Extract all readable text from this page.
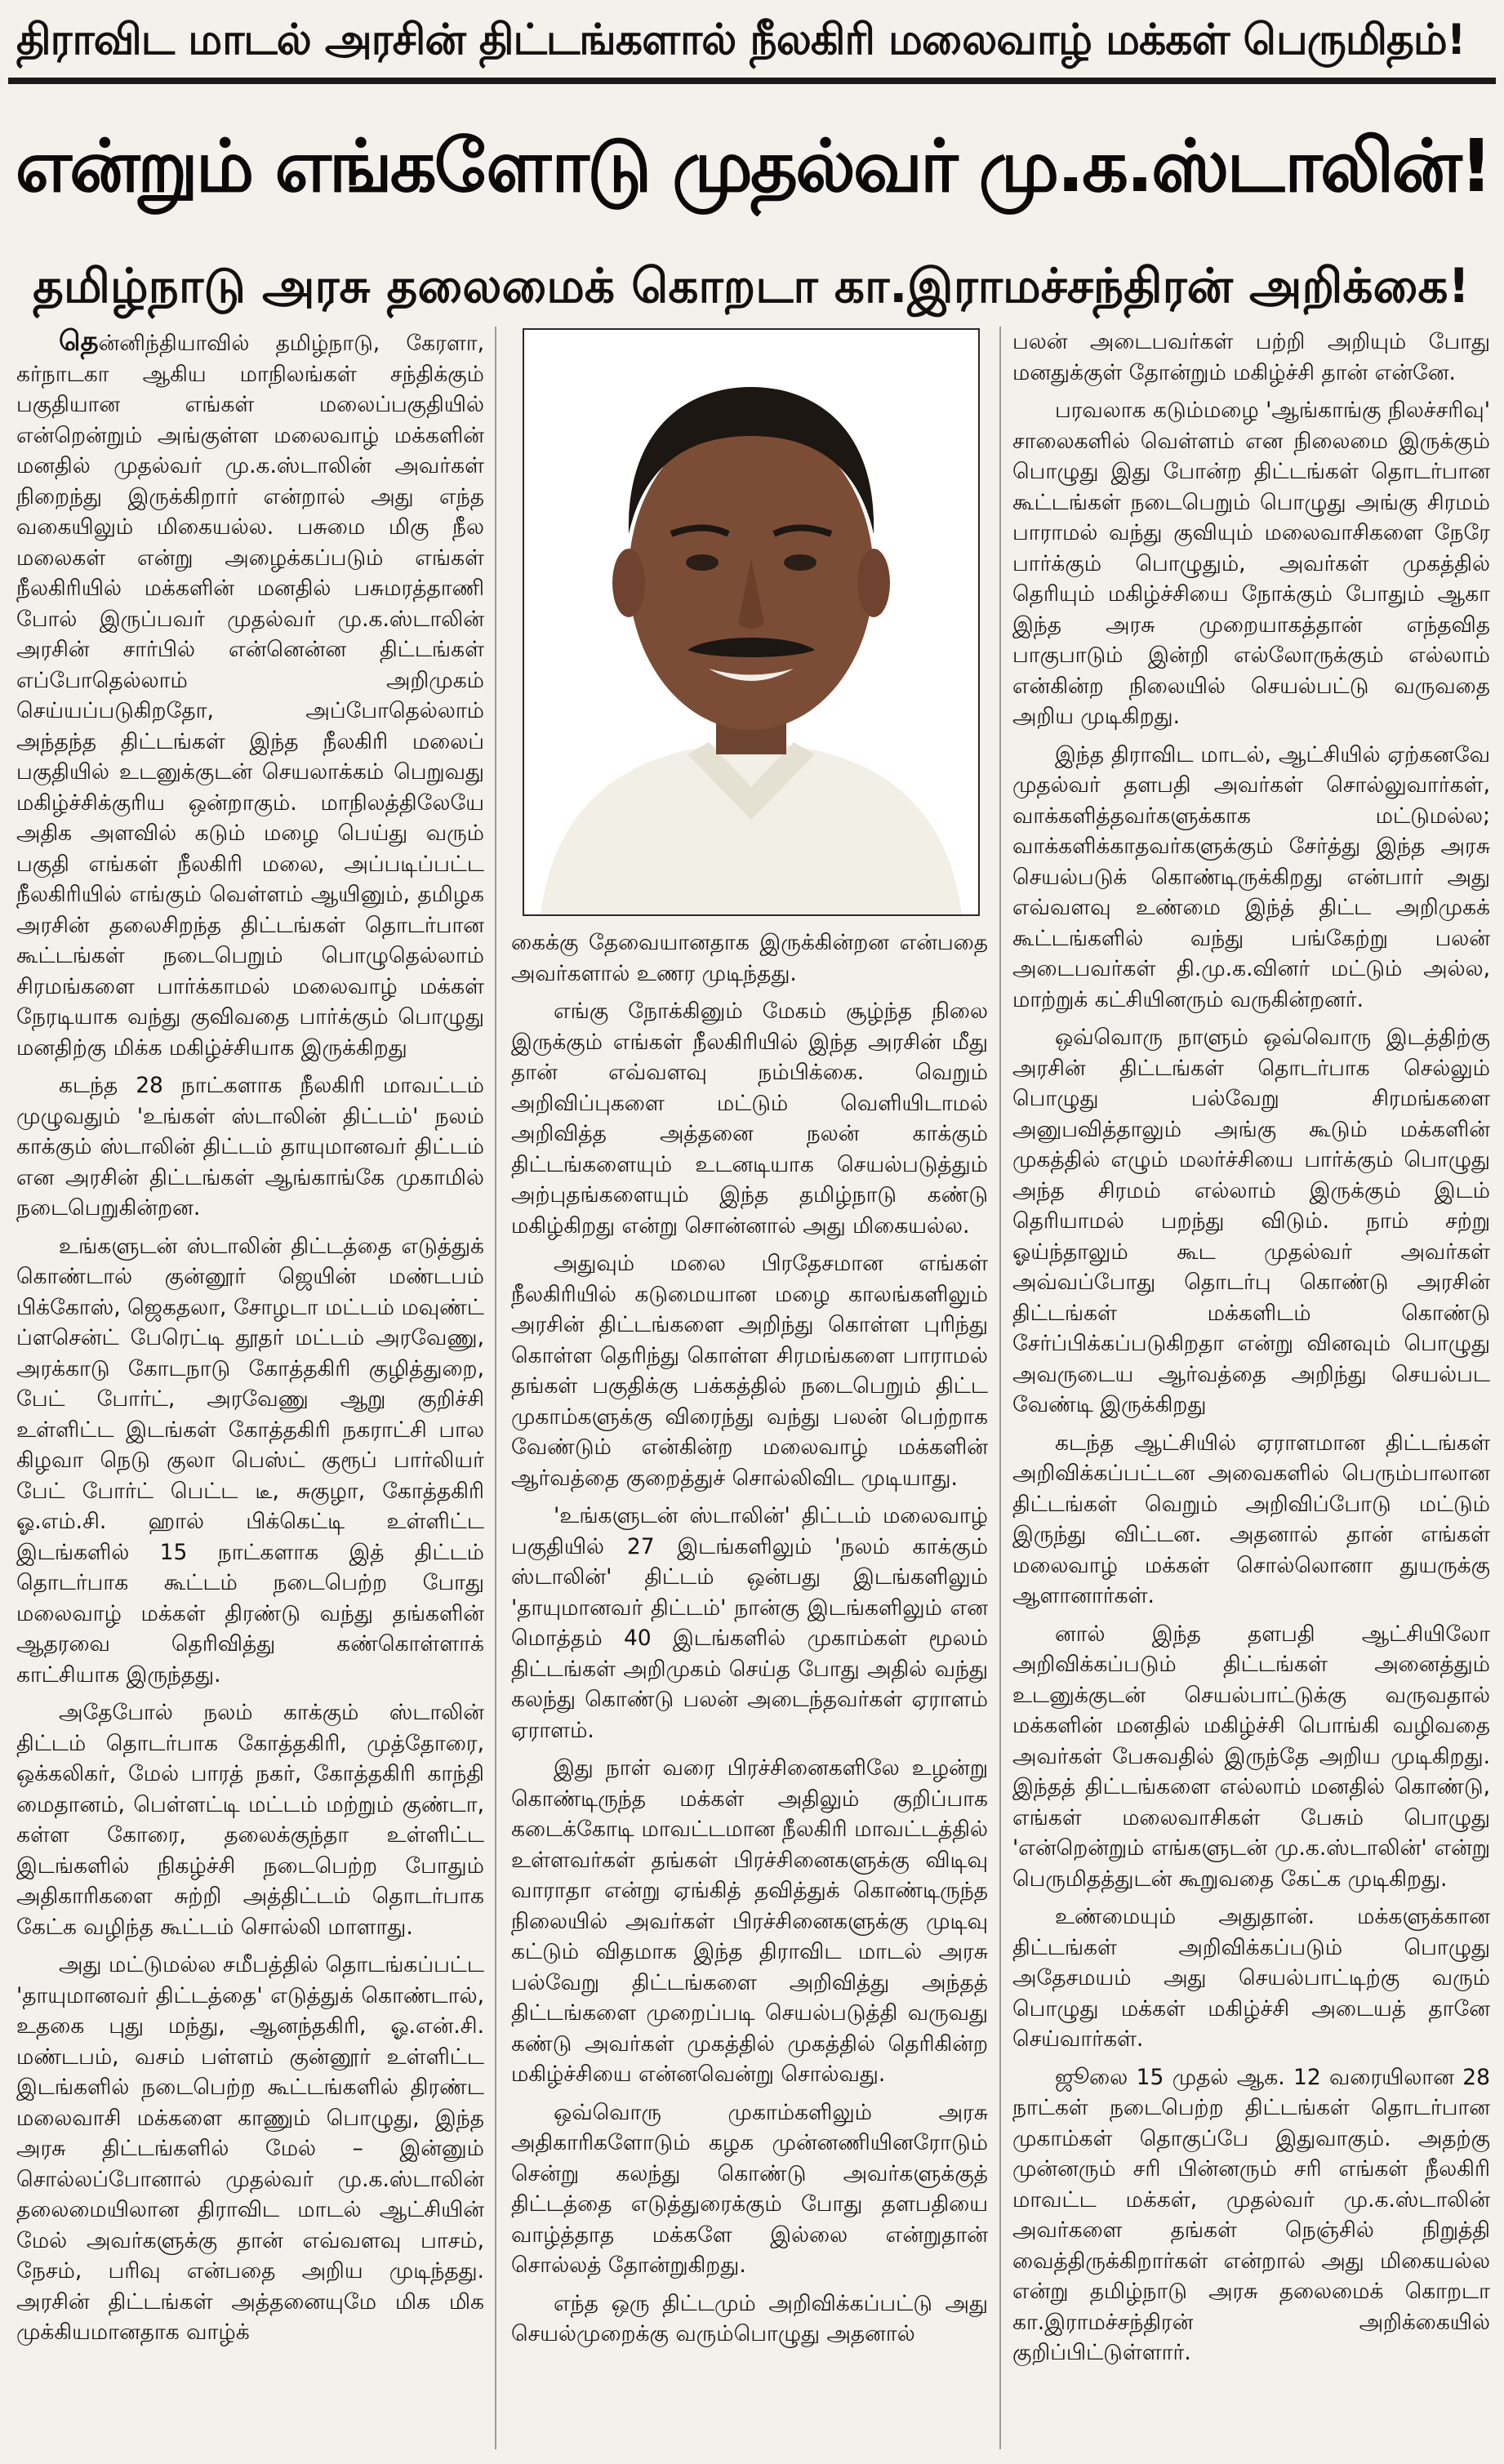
திராவிட மாடல் அரசின் திட்டங்களால் நீலகிரி மலைவாழ் மக்கள் பெருமிதம்!
என்றும் எங்களோடு முதல்வர் மு.க.ஸ்டாலின்!
தமிழ்நாடு அரசு தலைமைக் கொறடா கா.இராமச்சந்திரன் அறிக்கை!

தென்னிந்தியாவில் தமிழ்நாடு, கேரளா, கர்நாடகா ஆகிய மாநிலங்கள் சந்திக்கும் பகுதியான எங்கள் மலைப்பகுதியில் என்றென்றும் அங்குள்ள மலைவாழ் மக்களின் மனதில் முதல்வர் மு.க.ஸ்டாலின் அவர்கள் நிறைந்து இருக்கிறார் என்றால் அது எந்த வகையிலும் மிகையல்ல. பசுமை மிகு நீல மலைகள் என்று அழைக்கப்படும் எங்கள் நீலகிரியில் மக்களின் மனதில் பசுமரத்தாணி போல் இருப்பவர் முதல்வர் மு.க.ஸ்டாலின் அரசின் சார்பில் என்னென்ன திட்டங்கள் எப்போதெல்லாம் அறிமுகம் செய்யப்படுகிறதோ, அப்போதெல்லாம் அந்தந்த திட்டங்கள் இந்த நீலகிரி மலைப் பகுதியில் உடனுக்குடன் செயலாக்கம் பெறுவது மகிழ்ச்சிக்குரிய ஒன்றாகும். மாநிலத்திலேயே அதிக அளவில் கடும் மழை பெய்து வரும் பகுதி எங்கள் நீலகிரி மலை, அப்படிப்பட்ட நீலகிரியில் எங்கும் வெள்ளம் ஆயினும், தமிழக அரசின் தலைசிறந்த திட்டங்கள் தொடர்பான கூட்டங்கள் நடைபெறும் பொழுதெல்லாம் சிரமங்களை பார்க்காமல் மலைவாழ் மக்கள் நேரடியாக வந்து குவிவதை பார்க்கும் பொழுது மனதிற்கு மிக்க மகிழ்ச்சியாக இருக்கிறது

கடந்த 28 நாட்களாக நீலகிரி மாவட்டம் முழுவதும் 'உங்கள் ஸ்டாலின் திட்டம்' நலம் காக்கும் ஸ்டாலின் திட்டம் தாயுமானவர் திட்டம் என அரசின் திட்டங்கள் ஆங்காங்கே முகாமில் நடைபெறுகின்றன.

உங்களுடன் ஸ்டாலின் திட்டத்தை எடுத்துக் கொண்டால் குன்னூர் ஜெயின் மண்டபம் பிக்கோஸ், ஜெகதலா, சோழடா மட்டம் மவுண்ட் ப்ளசென்ட் பேரெட்டி தூதர் மட்டம் அரவேணு, அரக்காடு கோடநாடு கோத்தகிரி குழித்துறை, பேட் போர்ட், அரவேணு ஆறு குறிச்சி உள்ளிட்ட இடங்கள் கோத்தகிரி நகராட்சி பால கிழவா நெடு குலா பெஸ்ட் குரூப் பார்லியர் பேட் போர்ட் பெட்ட டீ, சுகுழா, கோத்தகிரி ஓ.எம்.சி. ஹால் பிக்கெட்டி உள்ளிட்ட இடங்களில் 15 நாட்களாக இத் திட்டம் தொடர்பாக கூட்டம் நடைபெற்ற போது மலைவாழ் மக்கள் திரண்டு வந்து தங்களின் ஆதரவை தெரிவித்து கண்கொள்ளாக் காட்சியாக இருந்தது.

அதேபோல் நலம் காக்கும் ஸ்டாலின் திட்டம் தொடர்பாக கோத்தகிரி, முத்தோரை, ஒக்கலிகர், மேல் பாரத் நகர், கோத்தகிரி காந்தி மைதானம், பெள்ளட்டி மட்டம் மற்றும் குண்டா, கள்ள கோரை, தலைக்குந்தா உள்ளிட்ட இடங்களில் நிகழ்ச்சி நடைபெற்ற போதும் அதிகாரிகளை சுற்றி அத்திட்டம் தொடர்பாக கேட்க வழிந்த கூட்டம் சொல்லி மாளாது.

அது மட்டுமல்ல சமீபத்தில் தொடங்கப்பட்ட 'தாயுமானவர் திட்டத்தை' எடுத்துக் கொண்டால், உதகை புது மந்து, ஆனந்தகிரி, ஓ.என்.சி. மண்டபம், வசம் பள்ளம் குன்னூர் உள்ளிட்ட இடங்களில் நடைபெற்ற கூட்டங்களில் திரண்ட மலைவாசி மக்களை காணும் பொழுது, இந்த அரசு திட்டங்களில் மேல் – இன்னும் சொல்லப்போனால் முதல்வர் மு.க.ஸ்டாலின் தலைமையிலான திராவிட மாடல் ஆட்சியின் மேல் அவர்களுக்கு தான் எவ்வளவு பாசம், நேசம், பரிவு என்பதை அறிய முடிந்தது. அரசின் திட்டங்கள் அத்தனையுமே மிக மிக முக்கியமானதாக வாழ்க்

கைக்கு தேவையானதாக இருக்கின்றன என்பதை அவர்களால் உணர முடிந்தது.

எங்கு நோக்கினும் மேகம் சூழ்ந்த நிலை இருக்கும் எங்கள் நீலகிரியில் இந்த அரசின் மீது தான் எவ்வளவு நம்பிக்கை. வெறும் அறிவிப்புகளை மட்டும் வெளியிடாமல் அறிவித்த அத்தனை நலன் காக்கும் திட்டங்களையும் உடனடியாக செயல்படுத்தும் அற்புதங்களையும் இந்த தமிழ்நாடு கண்டு மகிழ்கிறது என்று சொன்னால் அது மிகையல்ல.

அதுவும் மலை பிரதேசமான எங்கள் நீலகிரியில் கடுமையான மழை காலங்களிலும் அரசின் திட்டங்களை அறிந்து கொள்ள புரிந்து கொள்ள தெரிந்து கொள்ள சிரமங்களை பாராமல் தங்கள் பகுதிக்கு பக்கத்தில் நடைபெறும் திட்ட முகாம்களுக்கு விரைந்து வந்து பலன் பெற்றாக வேண்டும் என்கின்ற மலைவாழ் மக்களின் ஆர்வத்தை குறைத்துச் சொல்லிவிட முடியாது.

'உங்களுடன் ஸ்டாலின்' திட்டம் மலைவாழ் பகுதியில் 27 இடங்களிலும் 'நலம் காக்கும் ஸ்டாலின்' திட்டம் ஒன்பது இடங்களிலும் 'தாயுமானவர் திட்டம்' நான்கு இடங்களிலும் என மொத்தம் 40 இடங்களில் முகாம்கள் மூலம் திட்டங்கள் அறிமுகம் செய்த போது அதில் வந்து கலந்து கொண்டு பலன் அடைந்தவர்கள் ஏராளம் ஏராளம்.

இது நாள் வரை பிரச்சினைகளிலே உழன்று கொண்டிருந்த மக்கள் அதிலும் குறிப்பாக கடைக்கோடி மாவட்டமான நீலகிரி மாவட்டத்தில் உள்ளவர்கள் தங்கள் பிரச்சினைகளுக்கு விடிவு வாராதா என்று ஏங்கித் தவித்துக் கொண்டிருந்த நிலையில் அவர்கள் பிரச்சினைகளுக்கு முடிவு கட்டும் விதமாக இந்த திராவிட மாடல் அரசு பல்வேறு திட்டங்களை அறிவித்து அந்தத் திட்டங்களை முறைப்படி செயல்படுத்தி வருவது கண்டு அவர்கள் முகத்தில் முகத்தில் தெரிகின்ற மகிழ்ச்சியை என்னவென்று சொல்வது.

ஒவ்வொரு முகாம்களிலும் அரசு அதிகாரிகளோடும் கழக முன்னணியினரோடும் சென்று கலந்து கொண்டு அவர்களுக்குத் திட்டத்தை எடுத்துரைக்கும் போது தளபதியை வாழ்த்தாத மக்களே இல்லை என்றுதான் சொல்லத் தோன்றுகிறது.

எந்த ஒரு திட்டமும் அறிவிக்கப்பட்டு அது செயல்முறைக்கு வரும்பொழுது அதனால்

பலன் அடைபவர்கள் பற்றி அறியும் போது மனதுக்குள் தோன்றும் மகிழ்ச்சி தான் என்னே.

பரவலாக கடும்மழை 'ஆங்காங்கு நிலச்சரிவு' சாலைகளில் வெள்ளம் என நிலைமை இருக்கும் பொழுது இது போன்ற திட்டங்கள் தொடர்பான கூட்டங்கள் நடைபெறும் பொழுது அங்கு சிரமம் பாராமல் வந்து குவியும் மலைவாசிகளை நேரே பார்க்கும் பொழுதும், அவர்கள் முகத்தில் தெரியும் மகிழ்ச்சியை நோக்கும் போதும் ஆகா இந்த அரசு முறையாகத்தான் எந்தவித பாகுபாடும் இன்றி எல்லோருக்கும் எல்லாம் என்கின்ற நிலையில் செயல்பட்டு வருவதை அறிய முடிகிறது.

இந்த திராவிட மாடல், ஆட்சியில் ஏற்கனவே முதல்வர் தளபதி அவர்கள் சொல்லுவார்கள், வாக்களித்தவர்களுக்காக மட்டுமல்ல; வாக்களிக்காதவர்களுக்கும் சேர்த்து இந்த அரசு செயல்படுக் கொண்டிருக்கிறது என்பார் அது எவ்வளவு உண்மை இந்த் திட்ட அறிமுகக் கூட்டங்களில் வந்து பங்கேற்று பலன் அடைபவர்கள் தி.மு.க.வினர் மட்டும் அல்ல, மாற்றுக் கட்சியினரும் வருகின்றனர்.

ஒவ்வொரு நாளும் ஒவ்வொரு இடத்திற்கு அரசின் திட்டங்கள் தொடர்பாக செல்லும் பொழுது பல்வேறு சிரமங்களை அனுபவித்தாலும் அங்கு கூடும் மக்களின் முகத்தில் எழும் மலர்ச்சியை பார்க்கும் பொழுது அந்த சிரமம் எல்லாம் இருக்கும் இடம் தெரியாமல் பறந்து விடும். நாம் சற்று ஓய்ந்தாலும் கூட முதல்வர் அவர்கள் அவ்வப்போது தொடர்பு கொண்டு அரசின் திட்டங்கள் மக்களிடம் கொண்டு சேர்ப்பிக்கப்படுகிறதா என்று வினவும் பொழுது அவருடைய ஆர்வத்தை அறிந்து செயல்பட வேண்டி இருக்கிறது

கடந்த ஆட்சியில் ஏராளமான திட்டங்கள் அறிவிக்கப்பட்டன அவைகளில் பெரும்பாலான திட்டங்கள் வெறும் அறிவிப்போடு மட்டும் இருந்து விட்டன. அதனால் தான் எங்கள் மலைவாழ் மக்கள் சொல்லொனா துயருக்கு ஆளானார்கள்.

னால் இந்த தளபதி ஆட்சியிலோ அறிவிக்கப்படும் திட்டங்கள் அனைத்தும் உடனுக்குடன் செயல்பாட்டுக்கு வருவதால் மக்களின் மனதில் மகிழ்ச்சி பொங்கி வழிவதை அவர்கள் பேசுவதில் இருந்தே அறிய முடிகிறது. இந்தத் திட்டங்களை எல்லாம் மனதில் கொண்டு, எங்கள் மலைவாசிகள் பேசும் பொழுது 'என்றென்றும் எங்களுடன் மு.க.ஸ்டாலின்' என்று பெருமிதத்துடன் கூறுவதை கேட்க முடிகிறது.

உண்மையும் அதுதான். மக்களுக்கான திட்டங்கள் அறிவிக்கப்படும் பொழுது அதேசமயம் அது செயல்பாட்டிற்கு வரும் பொழுது மக்கள் மகிழ்ச்சி அடையத் தானே செய்வார்கள்.

ஜூலை 15 முதல் ஆக. 12 வரையிலான 28 நாட்கள் நடைபெற்ற திட்டங்கள் தொடர்பான முகாம்கள் தொகுப்பே இதுவாகும். அதற்கு முன்னரும் சரி பின்னரும் சரி எங்கள் நீலகிரி மாவட்ட மக்கள், முதல்வர் மு.க.ஸ்டாலின் அவர்களை தங்கள் நெஞ்சில் நிறுத்தி வைத்திருக்கிறார்கள் என்றால் அது மிகையல்ல என்று தமிழ்நாடு அரசு தலைமைக் கொறடா கா.இராமச்சந்திரன் அறிக்கையில் குறிப்பிட்டுள்ளார்.
